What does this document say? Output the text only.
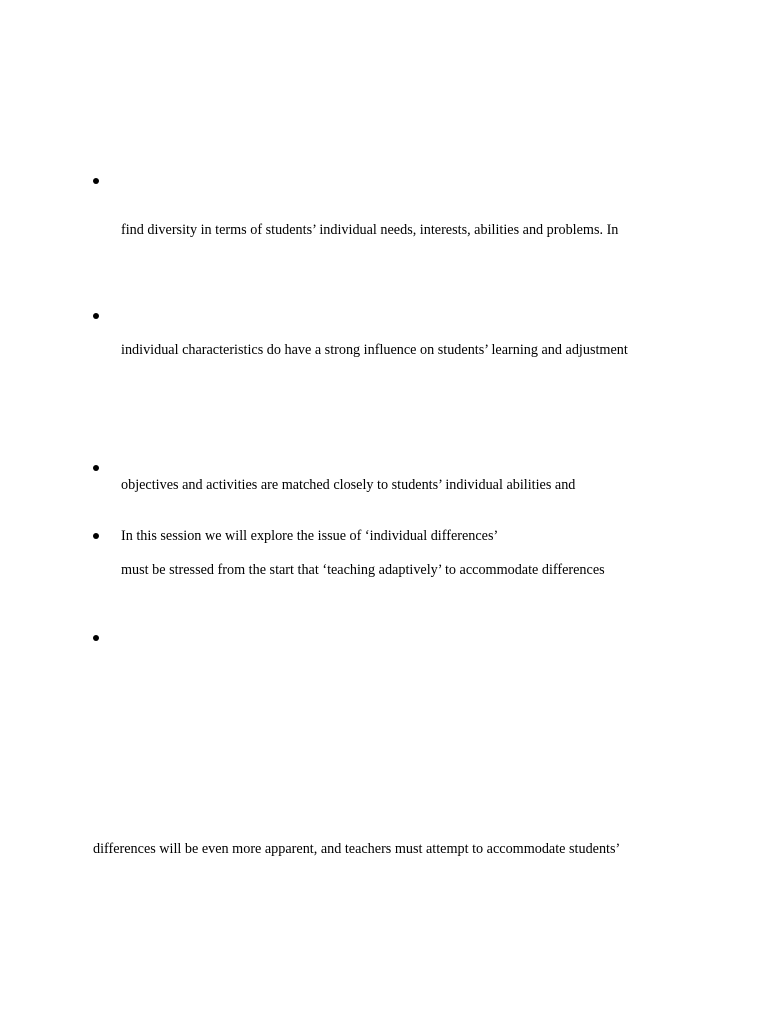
find diversity in terms of students’ individual needs, interests, abilities and problems. In
individual characteristics do have a strong influence on students’ learning and adjustment
objectives and activities are matched closely to students’ individual abilities and
In this session we will explore the issue of ‘individual differences’
must be stressed from the start that ‘teaching adaptively’ to accommodate differences
differences will be even more apparent, and teachers must attempt to accommodate students’
